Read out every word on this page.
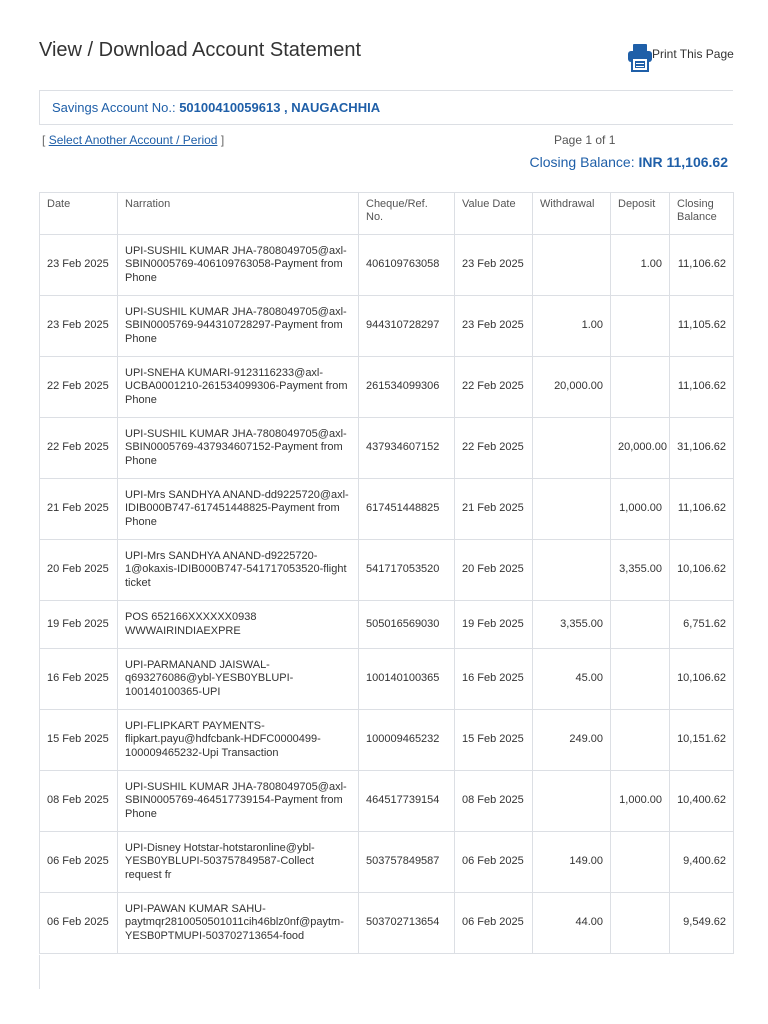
View / Download Account Statement	Print This Page
Savings Account No.: 50100410059613 , NAUGACHHIA
[ Select Another Account / Period ]	Page 1 of 1
Closing Balance: INR 11,106.62
Date	Narration	Cheque/Ref. No.	Value Date	Withdrawal	Deposit	Closing Balance
23 Feb 2025	UPI-SUSHIL KUMAR JHA-7808049705@axl-SBIN0005769-406109763058-Payment from Phone	406109763058	23 Feb 2025		1.00	11,106.62
23 Feb 2025	UPI-SUSHIL KUMAR JHA-7808049705@axl-SBIN0005769-944310728297-Payment from Phone	944310728297	23 Feb 2025	1.00		11,105.62
22 Feb 2025	UPI-SNEHA KUMARI-9123116233@axl-UCBA0001210-261534099306-Payment from Phone	261534099306	22 Feb 2025	20,000.00		11,106.62
22 Feb 2025	UPI-SUSHIL KUMAR JHA-7808049705@axl-SBIN0005769-437934607152-Payment from Phone	437934607152	22 Feb 2025		20,000.00	31,106.62
21 Feb 2025	UPI-Mrs SANDHYA ANAND-dd9225720@axl-IDIB000B747-617451448825-Payment from Phone	617451448825	21 Feb 2025		1,000.00	11,106.62
20 Feb 2025	UPI-Mrs SANDHYA ANAND-d9225720-1@okaxis-IDIB000B747-541717053520-flight ticket	541717053520	20 Feb 2025		3,355.00	10,106.62
19 Feb 2025	POS 652166XXXXXX0938 WWWAIRINDIAEXPRE	505016569030	19 Feb 2025	3,355.00		6,751.62
16 Feb 2025	UPI-PARMANAND JAISWAL-q693276086@ybl-YESB0YBLUPI-100140100365-UPI	100140100365	16 Feb 2025	45.00		10,106.62
15 Feb 2025	UPI-FLIPKART PAYMENTS-flipkart.payu@hdfcbank-HDFC0000499-100009465232-Upi Transaction	100009465232	15 Feb 2025	249.00		10,151.62
08 Feb 2025	UPI-SUSHIL KUMAR JHA-7808049705@axl-SBIN0005769-464517739154-Payment from Phone	464517739154	08 Feb 2025		1,000.00	10,400.62
06 Feb 2025	UPI-Disney Hotstar-hotstaronline@ybl-YESB0YBLUPI-503757849587-Collect request fr	503757849587	06 Feb 2025	149.00		9,400.62
06 Feb 2025	UPI-PAWAN KUMAR SAHU-paytmqr2810050501011cih46blz0nf@paytm-YESB0PTMUPI-503702713654-food	503702713654	06 Feb 2025	44.00		9,549.62
